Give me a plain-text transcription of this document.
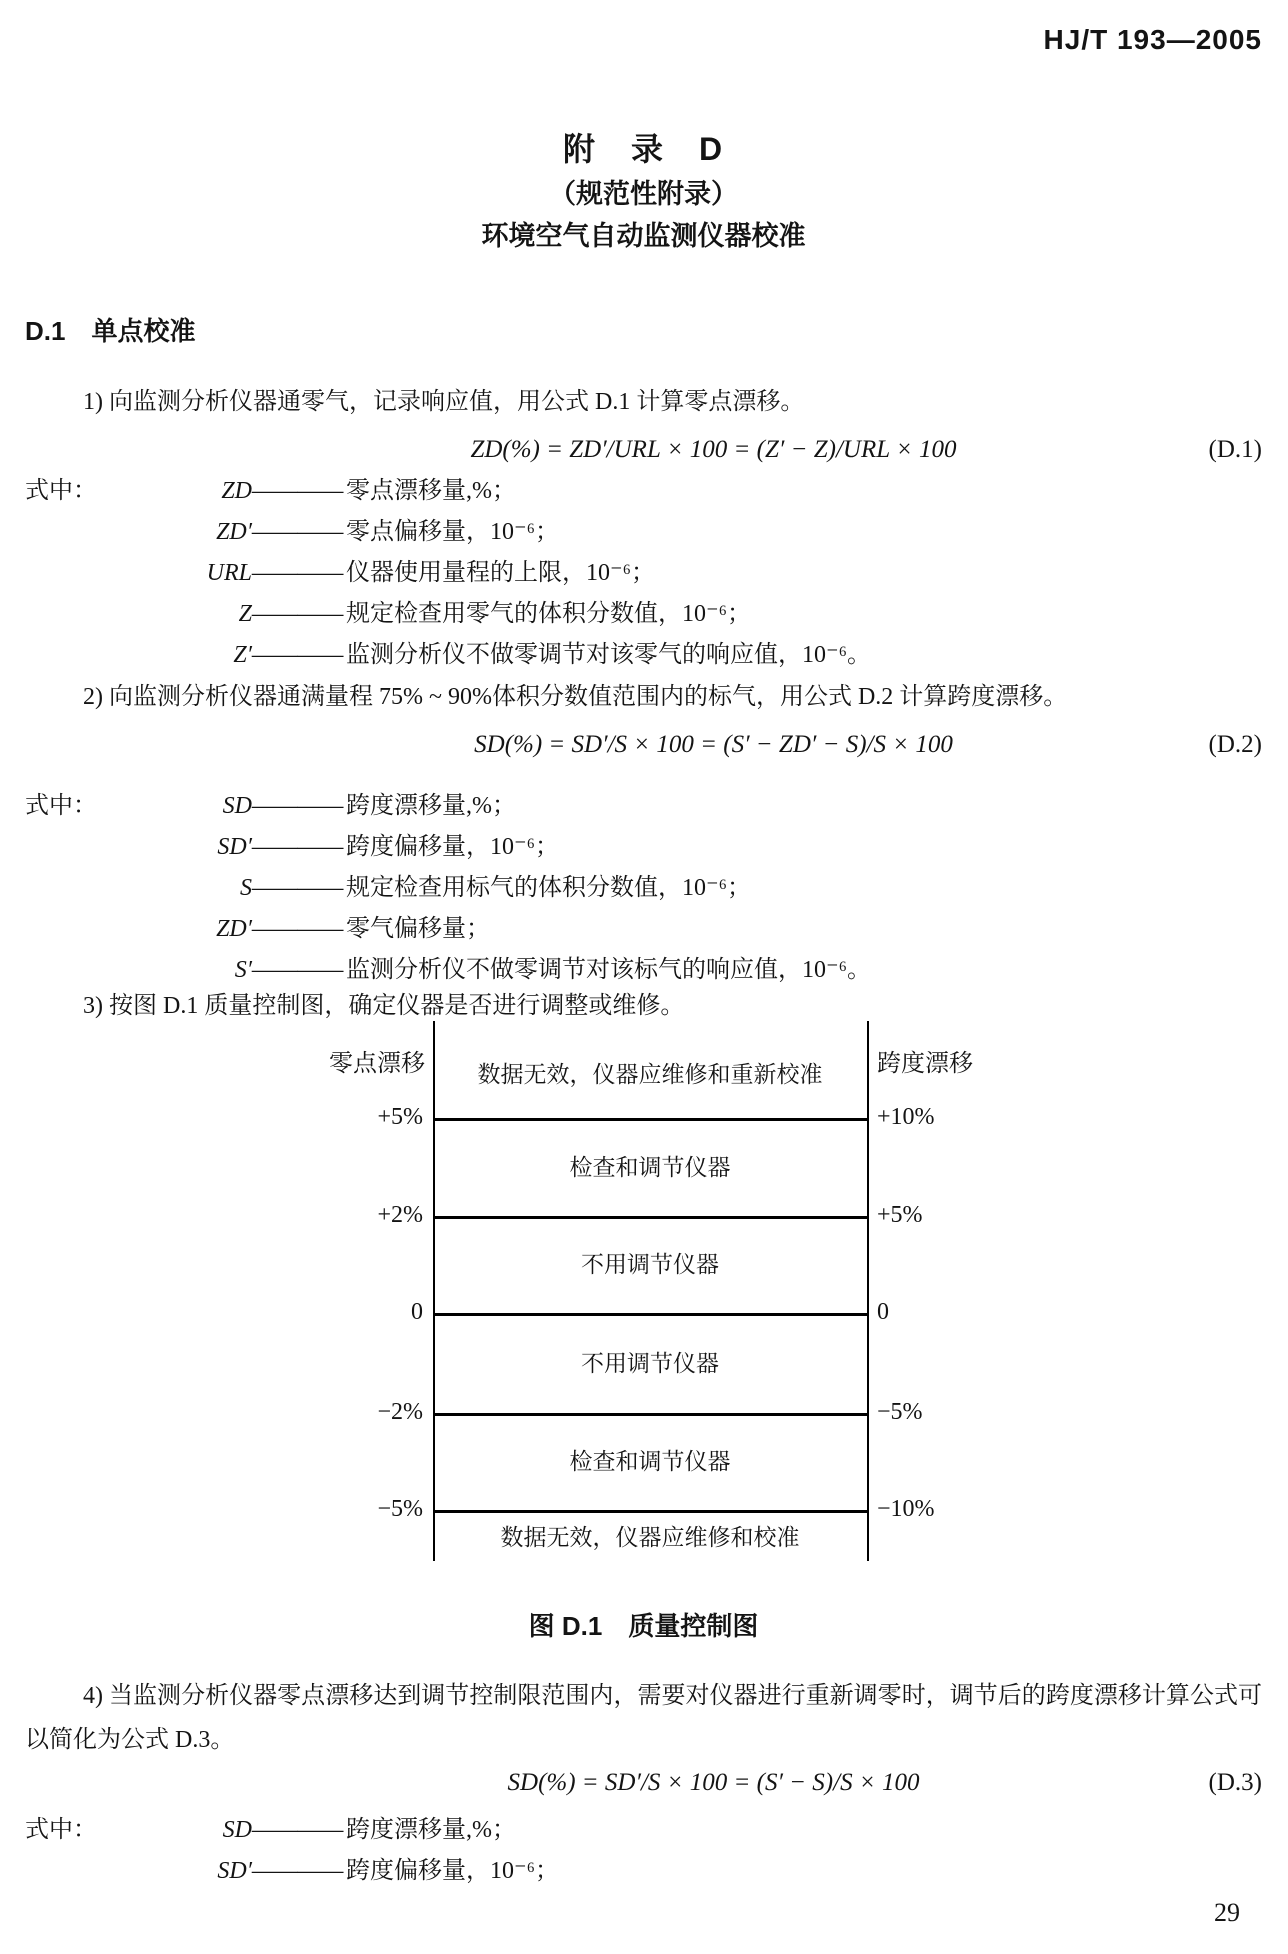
HJ/T 193—2005
附　录　D
（规范性附录）
环境空气自动监测仪器校准
D.1　单点校准

1) 向监测分析仪器通零气，记录响应值，用公式 D.1 计算零点漂移。

ZD(%) = ZD′/URL × 100 = (Z′ − Z)/URL × 100	(D.1)
式中：	ZD —— 零点漂移量,%；
ZD′ —— 零点偏移量，10⁻⁶；
URL —— 仪器使用量程的上限，10⁻⁶；
Z —— 规定检查用零气的体积分数值，10⁻⁶；
Z′ —— 监测分析仪不做零调节对该零气的响应值，10⁻⁶。

2) 向监测分析仪器通满量程 75% ~ 90%体积分数值范围内的标气，用公式 D.2 计算跨度漂移。

SD(%) = SD′/S × 100 = (S′ − ZD′ − S)/S × 100	(D.2)
式中：	SD —— 跨度漂移量,%；
SD′ —— 跨度偏移量，10⁻⁶；
S —— 规定检查用标气的体积分数值，10⁻⁶；
ZD′ —— 零气偏移量；
S′ —— 监测分析仪不做零调节对该标气的响应值，10⁻⁶。

3) 按图 D.1 质量控制图，确定仪器是否进行调整或维修。

零点漂移	跨度漂移
+5%
+2%
0
−2%
−5%
+10%
+5%
0
−5%
−10%
数据无效，仪器应维修和重新校准
检查和调节仪器
不用调节仪器
不用调节仪器
检查和调节仪器
数据无效，仪器应维修和校准
图 D.1　质量控制图

4) 当监测分析仪器零点漂移达到调节控制限范围内，需要对仪器进行重新调零时，调节后的跨度漂移计算公式可以简化为公式 D.3。

SD(%) = SD′/S × 100 = (S′ − S)/S × 100	(D.3)
式中：	SD —— 跨度漂移量,%；
SD′ —— 跨度偏移量，10⁻⁶；
29
